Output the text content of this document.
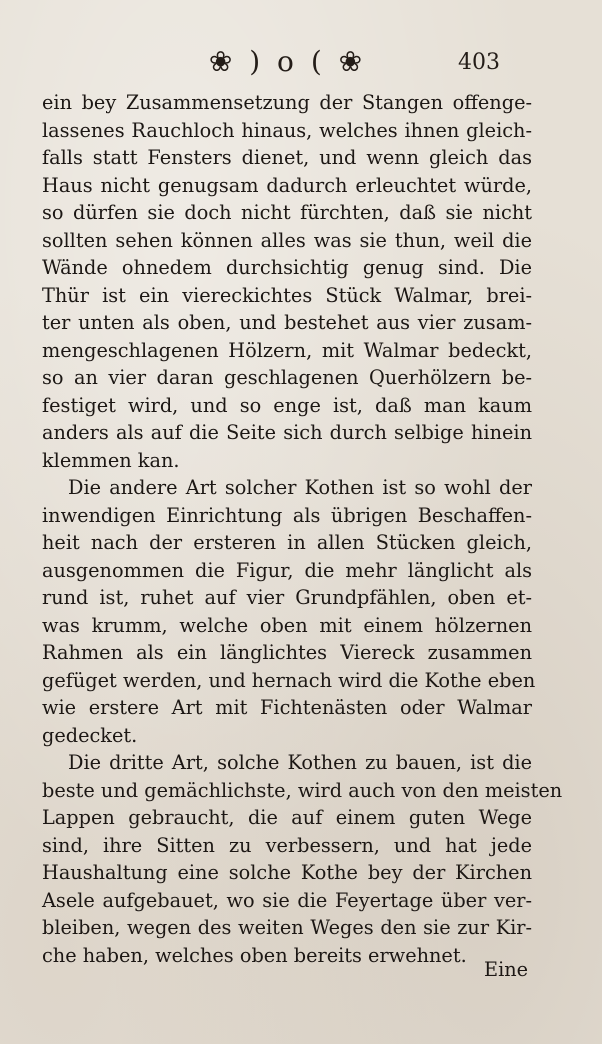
❀ ) o ( ❀	403
ein bey Zusammensetzung der Stangen offenge-
lassenes Rauchloch hinaus, welches ihnen gleich-
falls statt Fensters dienet, und wenn gleich das
Haus nicht genugsam dadurch erleuchtet würde,
so dürfen sie doch nicht fürchten, daß sie nicht
sollten sehen können alles was sie thun, weil die
Wände ohnedem durchsichtig genug sind. Die
Thür ist ein viereckichtes Stück Walmar, brei-
ter unten als oben, und bestehet aus vier zusam-
mengeschlagenen Hölzern, mit Walmar bedeckt,
so an vier daran geschlagenen Querhölzern be-
festiget wird, und so enge ist, daß man kaum
anders als auf die Seite sich durch selbige hinein
klemmen kan.
Die andere Art solcher Kothen ist so wohl der
inwendigen Einrichtung als übrigen Beschaffen-
heit nach der ersteren in allen Stücken gleich,
ausgenommen die Figur, die mehr länglicht als
rund ist, ruhet auf vier Grundpfählen, oben et-
was krumm, welche oben mit einem hölzernen
Rahmen als ein länglichtes Viereck zusammen
gefüget werden, und hernach wird die Kothe eben
wie erstere Art mit Fichtenästen oder Walmar
gedecket.
Die dritte Art, solche Kothen zu bauen, ist die
beste und gemächlichste, wird auch von den meisten
Lappen gebraucht, die auf einem guten Wege
sind, ihre Sitten zu verbessern, und hat jede
Haushaltung eine solche Kothe bey der Kirchen
Asele aufgebauet, wo sie die Feyertage über ver-
bleiben, wegen des weiten Weges den sie zur Kir-
che haben, welches oben bereits erwehnet.
Eine
